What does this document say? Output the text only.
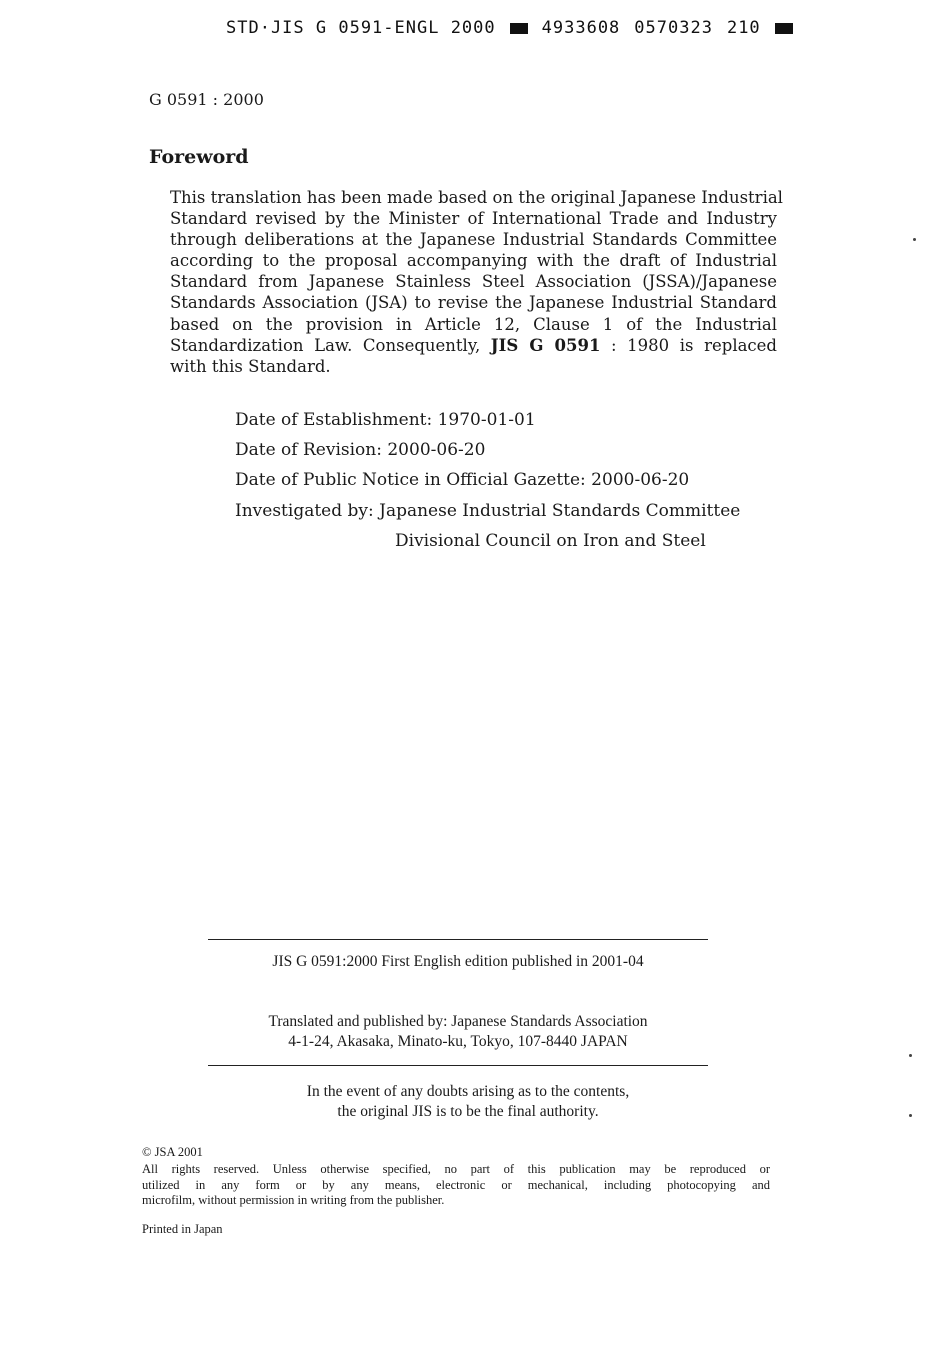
STD·JIS G 0591-ENGL 2000	4933608 0570323 210
G 0591 : 2000
Foreword
This translation has been made based on the original Japanese Industrial
Standard revised by the Minister of International Trade and Industry
through deliberations at the Japanese Industrial Standards Committee
according to the proposal accompanying with the draft of Industrial
Standard from Japanese Stainless Steel Association (JSSA)/Japanese
Standards Association (JSA) to revise the Japanese Industrial Standard
based on the provision in Article 12, Clause 1 of the Industrial
Standardization Law. Consequently, JIS G 0591 : 1980 is replaced
with this Standard.
Date of Establishment: 1970-01-01
Date of Revision: 2000-06-20
Date of Public Notice in Official Gazette: 2000-06-20
Investigated by: Japanese Industrial Standards Committee
Divisional Council on Iron and Steel
JIS G 0591:2000 First English edition published in 2001-04
Translated and published by: Japanese Standards Association
4-1-24, Akasaka, Minato-ku, Tokyo, 107-8440 JAPAN
In the event of any doubts arising as to the contents,
the original JIS is to be the final authority.
© JSA 2001
All rights reserved. Unless otherwise specified, no part of this publication may be reproduced or
utilized in any form or by any means, electronic or mechanical, including photocopying and
microfilm, without permission in writing from the publisher.
Printed in Japan
